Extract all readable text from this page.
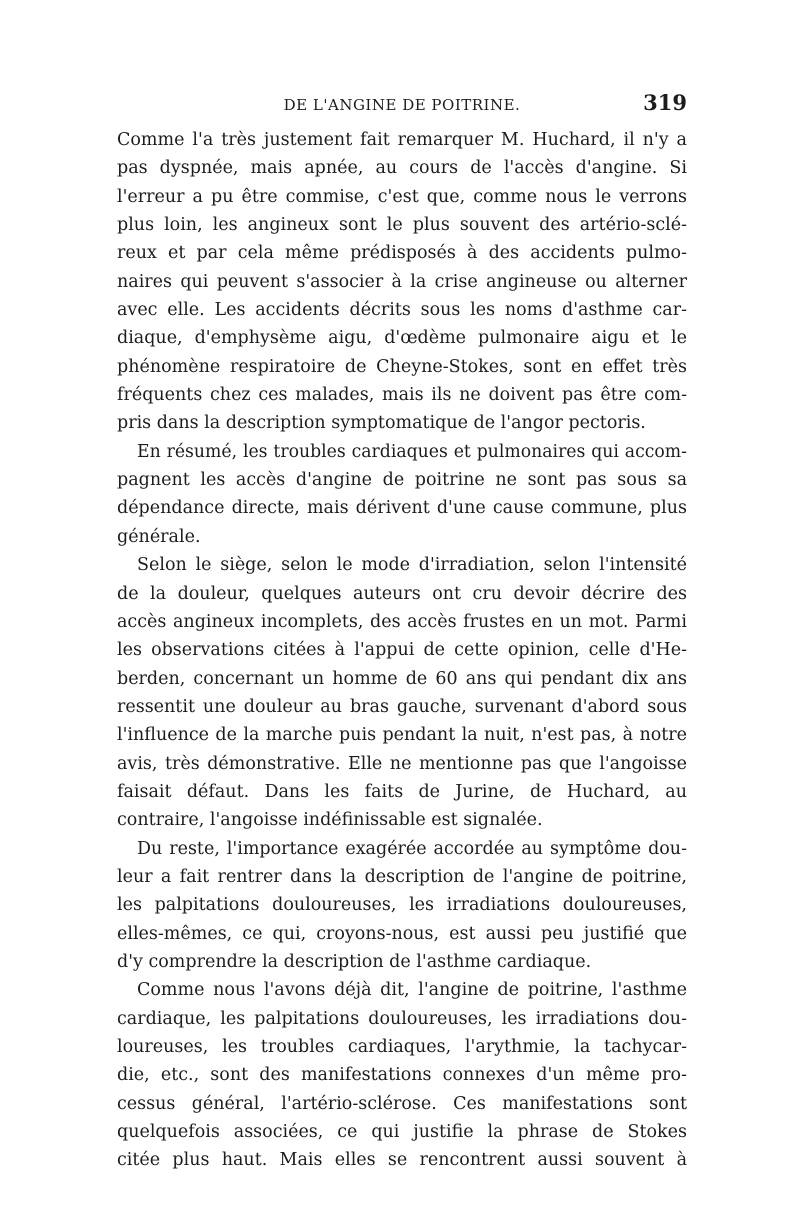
DE L'ANGINE DE POITRINE.	319
Comme l'a très justement fait remarquer M. Huchard, il n'y a
pas dyspnée, mais apnée, au cours de l'accès d'angine. Si
l'erreur a pu être commise, c'est que, comme nous le verrons
plus loin, les angineux sont le plus souvent des artério-sclé-
reux et par cela même prédisposés à des accidents pulmo-
naires qui peuvent s'associer à la crise angineuse ou alterner
avec elle. Les accidents décrits sous les noms d'asthme car-
diaque, d'emphysème aigu, d'œdème pulmonaire aigu et le
phénomène respiratoire de Cheyne-Stokes, sont en effet très
fréquents chez ces malades, mais ils ne doivent pas être com-
pris dans la description symptomatique de l'angor pectoris.
En résumé, les troubles cardiaques et pulmonaires qui accom-
pagnent les accès d'angine de poitrine ne sont pas sous sa
dépendance directe, mais dérivent d'une cause commune, plus
générale.
Selon le siège, selon le mode d'irradiation, selon l'intensité
de la douleur, quelques auteurs ont cru devoir décrire des
accès angineux incomplets, des accès frustes en un mot. Parmi
les observations citées à l'appui de cette opinion, celle d'He-
berden, concernant un homme de 60 ans qui pendant dix ans
ressentit une douleur au bras gauche, survenant d'abord sous
l'influence de la marche puis pendant la nuit, n'est pas, à notre
avis, très démonstrative. Elle ne mentionne pas que l'angoisse
faisait défaut. Dans les faits de Jurine, de Huchard, au
contraire, l'angoisse indéfinissable est signalée.
Du reste, l'importance exagérée accordée au symptôme dou-
leur a fait rentrer dans la description de l'angine de poitrine,
les palpitations douloureuses, les irradiations douloureuses,
elles-mêmes, ce qui, croyons-nous, est aussi peu justifié que
d'y comprendre la description de l'asthme cardiaque.
Comme nous l'avons déjà dit, l'angine de poitrine, l'asthme
cardiaque, les palpitations douloureuses, les irradiations dou-
loureuses, les troubles cardiaques, l'arythmie, la tachycar-
die, etc., sont des manifestations connexes d'un même pro-
cessus général, l'artério-sclérose. Ces manifestations sont
quelquefois associées, ce qui justifie la phrase de Stokes
citée plus haut. Mais elles se rencontrent aussi souvent à
